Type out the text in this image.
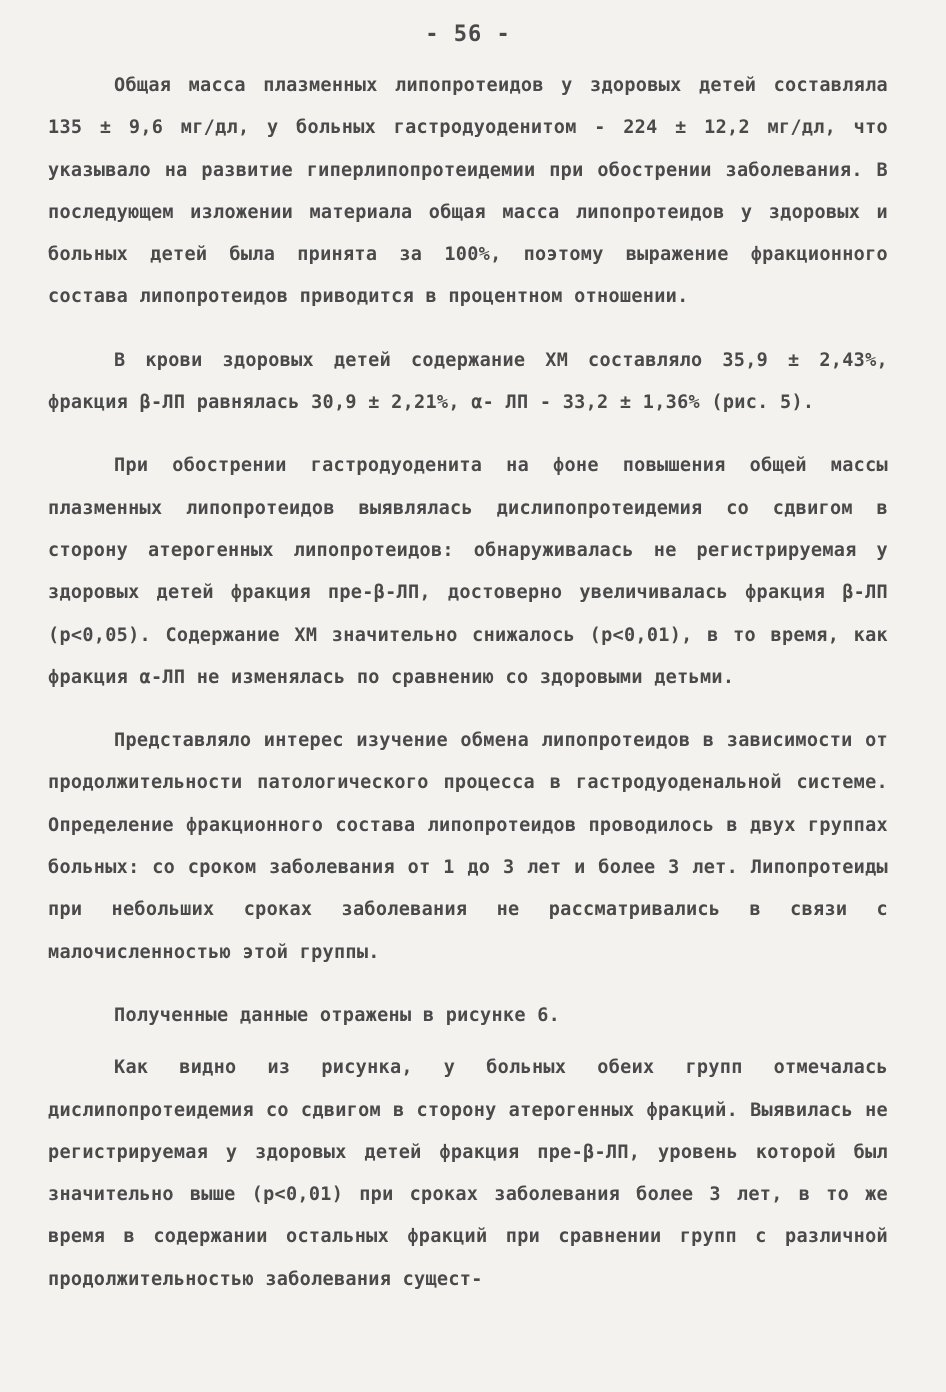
- 56 -

Общая масса плазменных липопротеидов у здоровых детей составляла 135 ± 9,6 мг/дл, у больных гастродуоденитом - 224 ± 12,2 мг/дл, что указывало на развитие гиперлипопротеидемии при обострении заболевания. В последующем изложении материала общая масса липопротеидов у здоровых и больных детей была принята за 100%, поэтому выражение фракционного состава липопротеидов приводится в процентном отношении.

В крови здоровых детей содержание ХМ составляло 35,9 ± 2,43%, фракция β-ЛП равнялась 30,9 ± 2,21%, α- ЛП - 33,2 ± 1,36% (рис. 5).

При обострении гастродуоденита на фоне повышения общей массы плазменных липопротеидов выявлялась дислипопротеидемия со сдвигом в сторону атерогенных липопротеидов: обнаруживалась не регистрируемая у здоровых детей фракция пре-β-ЛП, достоверно увеличивалась фракция β-ЛП (p<0,05). Содержание ХМ значительно снижалось (p<0,01), в то время, как фракция α-ЛП не изменялась по сравнению со здоровыми детьми.

Представляло интерес изучение обмена липопротеидов в зависимости от продолжительности патологического процесса в гастродуоденальной системе. Определение фракционного состава липопротеидов проводилось в двух группах больных: со сроком заболевания от 1 до 3 лет и более 3 лет. Липопротеиды при небольших сроках заболевания не рассматривались в связи с малочисленностью этой группы.

Полученные данные отражены в рисунке 6.

Как видно из рисунка, у больных обеих групп отмечалась дислипопротеидемия со сдвигом в сторону атерогенных фракций. Выявилась не регистрируемая у здоровых детей фракция пре-β-ЛП, уровень которой был значительно выше (p<0,01) при сроках заболевания более 3 лет, в то же время в содержании остальных фракций при сравнении групп с различной продолжительностью заболевания сущест-
